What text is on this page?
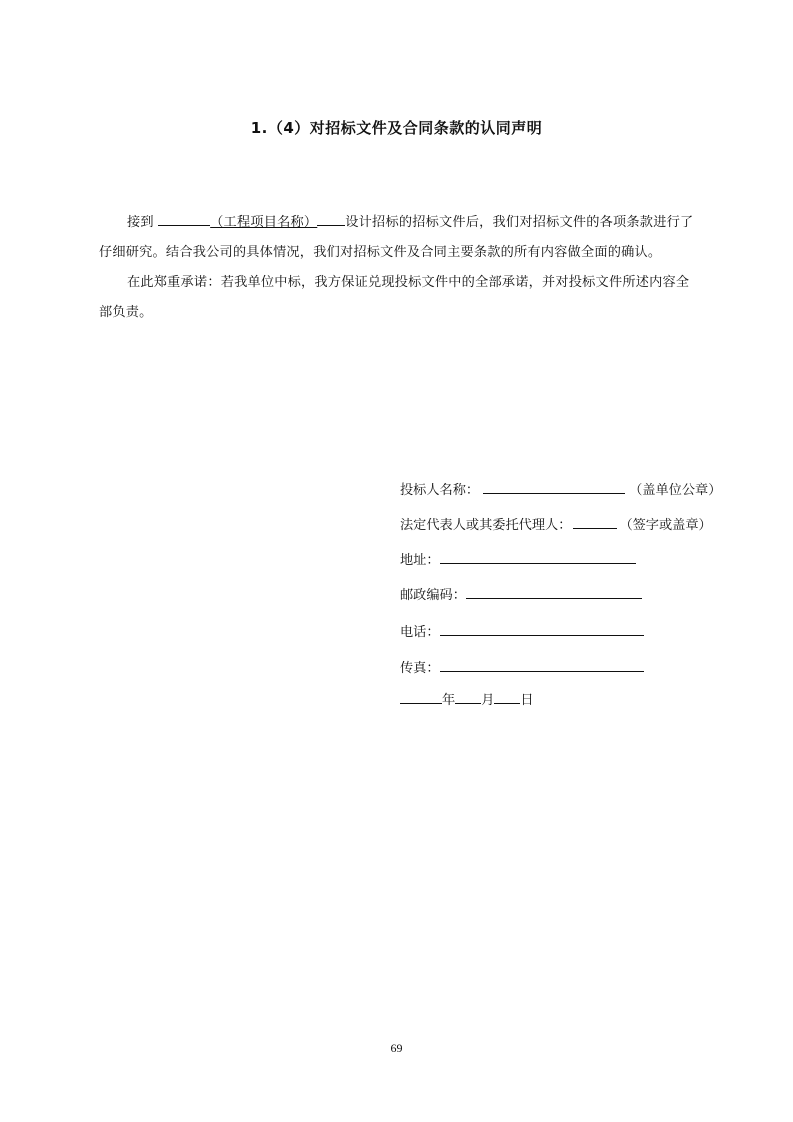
1.（4）对招标文件及合同条款的认同声明
接到	（工程项目名称） 设计招标的招标文件后，我们对招标文件的各项条款进行了
仔细研究。结合我公司的具体情况，我们对招标文件及合同主要条款的所有内容做全面的确认。
在此郑重承诺：若我单位中标，我方保证兑现投标文件中的全部承诺，并对投标文件所述内容全
部负责。
投标人名称：	（盖单位公章）
法定代表人或其委托代理人：	（签字或盖章）
地址：
邮政编码：
电话：
传真：
年 月 日
69
